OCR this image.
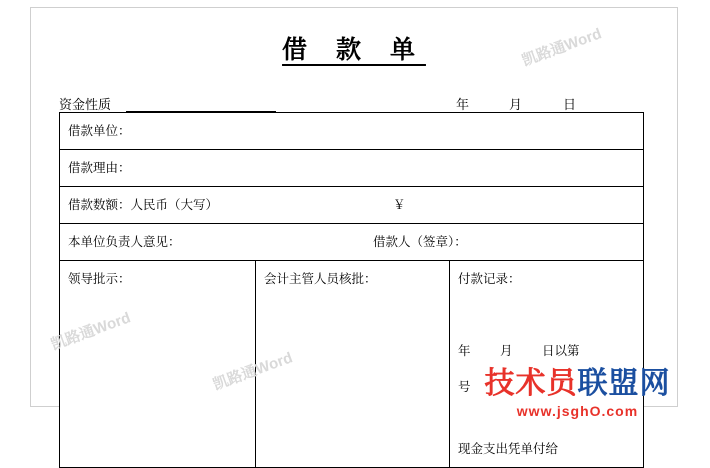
借 款 单
资金性质	年	月	日
借款单位：
借款理由：

借款数额：人民币（大写）	￥

本单位负责人意见：	借款人（签章）：

领导批示：	会计主管人员核批：	付款记录：
年 月 日以第 号
现金支出凭单付给
凯路通Word
凯路通Word
凯路通Word
技术员联盟网
www.jsghO.com
